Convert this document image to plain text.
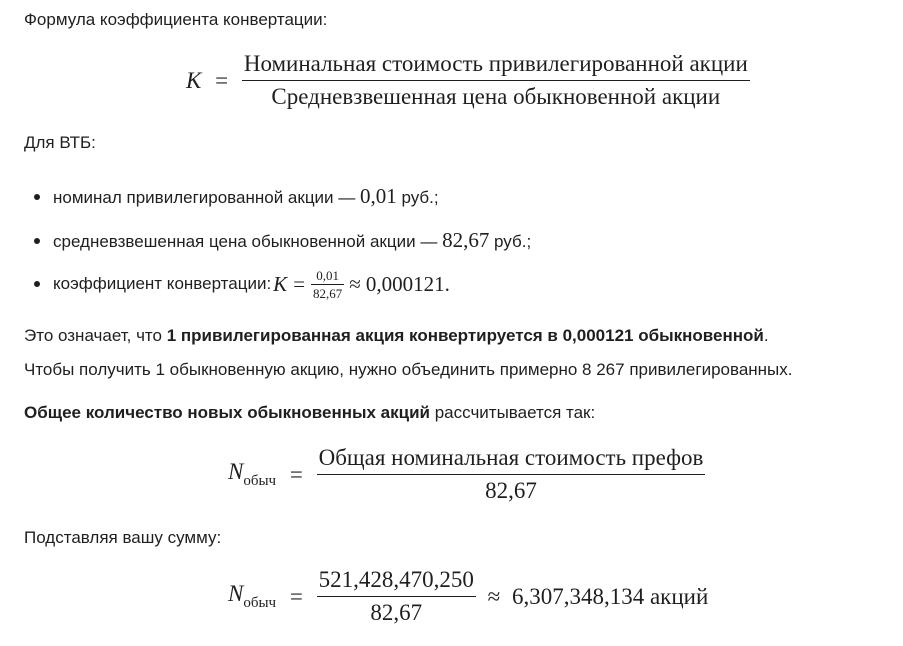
Формула коэффициента конвертации:
$K = \frac{\text{Номинальная стоимость привилегированной акции}}{\text{Средневзвешенная цена обыкновенной акции}}$
Для ВТБ:
номинал привилегированной акции — 0,01 руб.;
средневзвешенная цена обыкновенной акции — 82,67 руб.;
коэффициент конвертации: $K = \frac{0,01}{82,67} \approx 0,000121$.
Это означает, что 1 привилегированная акция конвертируется в 0,000121 обыкновенной.
Чтобы получить 1 обыкновенную акцию, нужно объединить примерно 8 267 привилегированных.
Общее количество новых обыкновенных акций рассчитывается так:
$N_{обыч} = \frac{\text{Общая номинальная стоимость префов}}{82,67}$
Подставляя вашу сумму:
$N_{обыч} = \frac{521,428,470,250}{82,67} \approx 6,307,348,134$ акций
